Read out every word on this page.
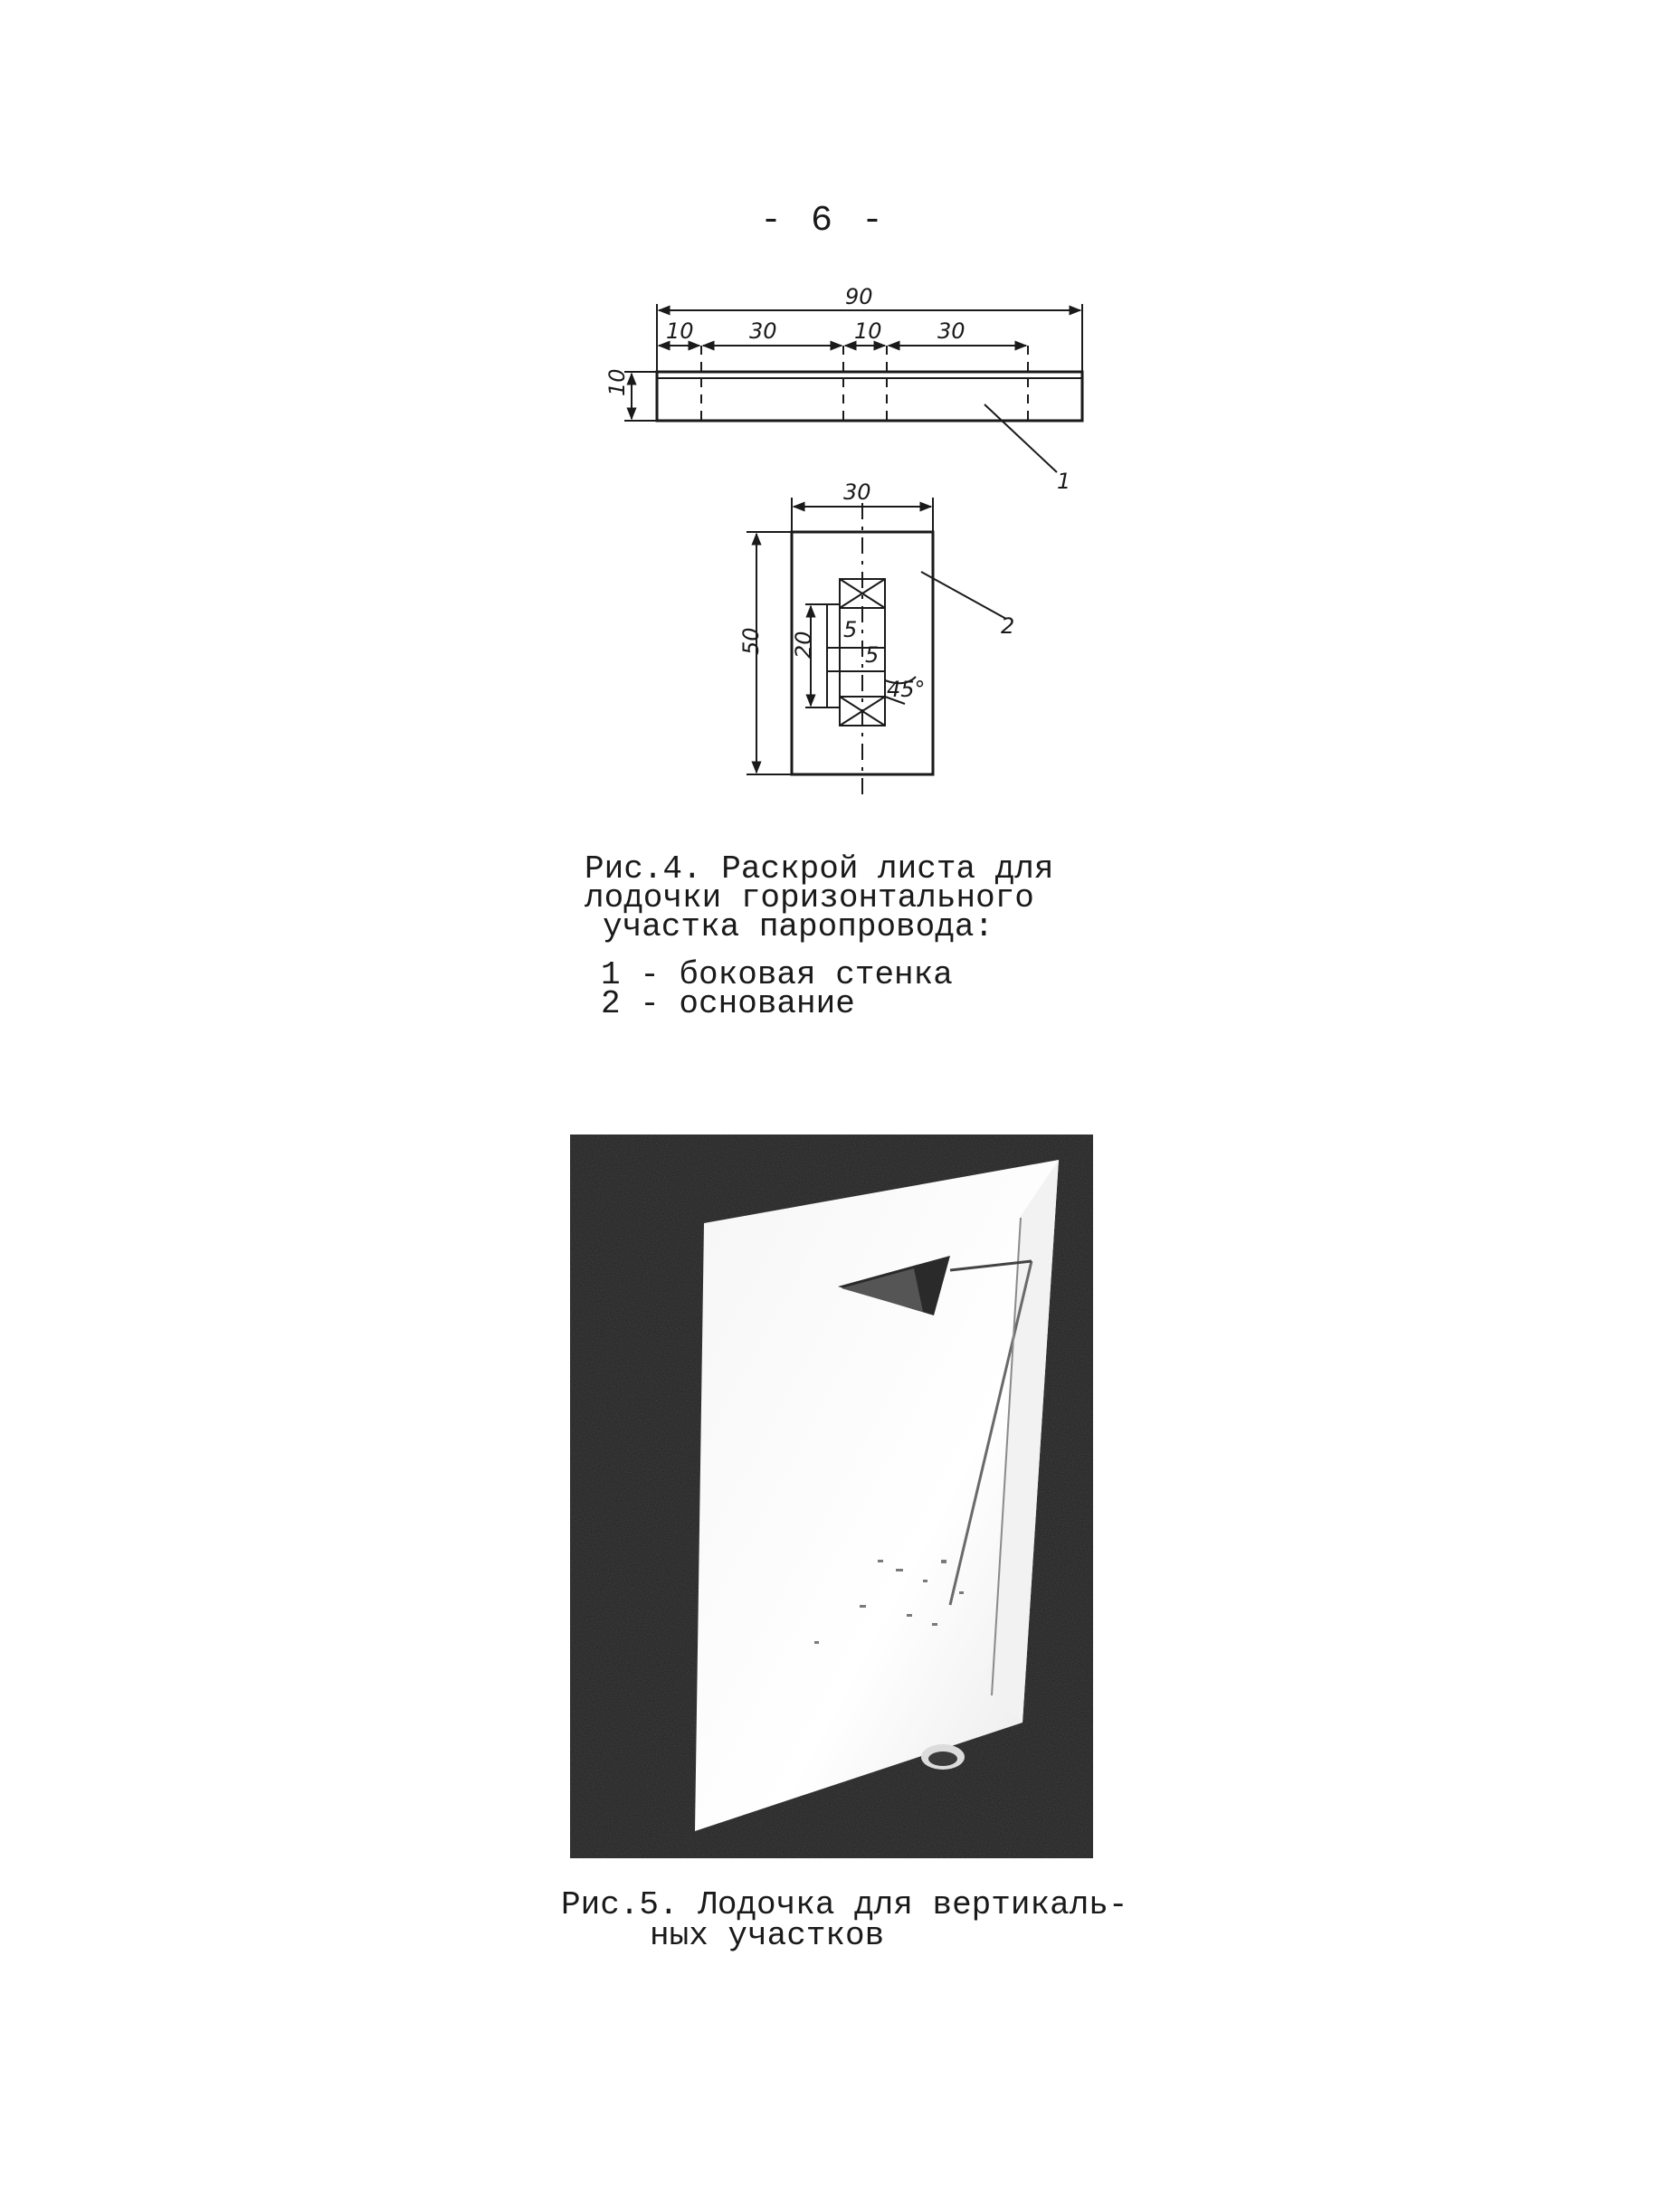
- 6 -
90
10	30	10	30
10
1
30
50 20
5
5
45°
2
Рис.4. Раскрой листа для
лодочки горизонтального
участка паропровода:
1 - боковая стенка
2 - основание
Рис.5. Лодочка для вертикаль-
ных участков
